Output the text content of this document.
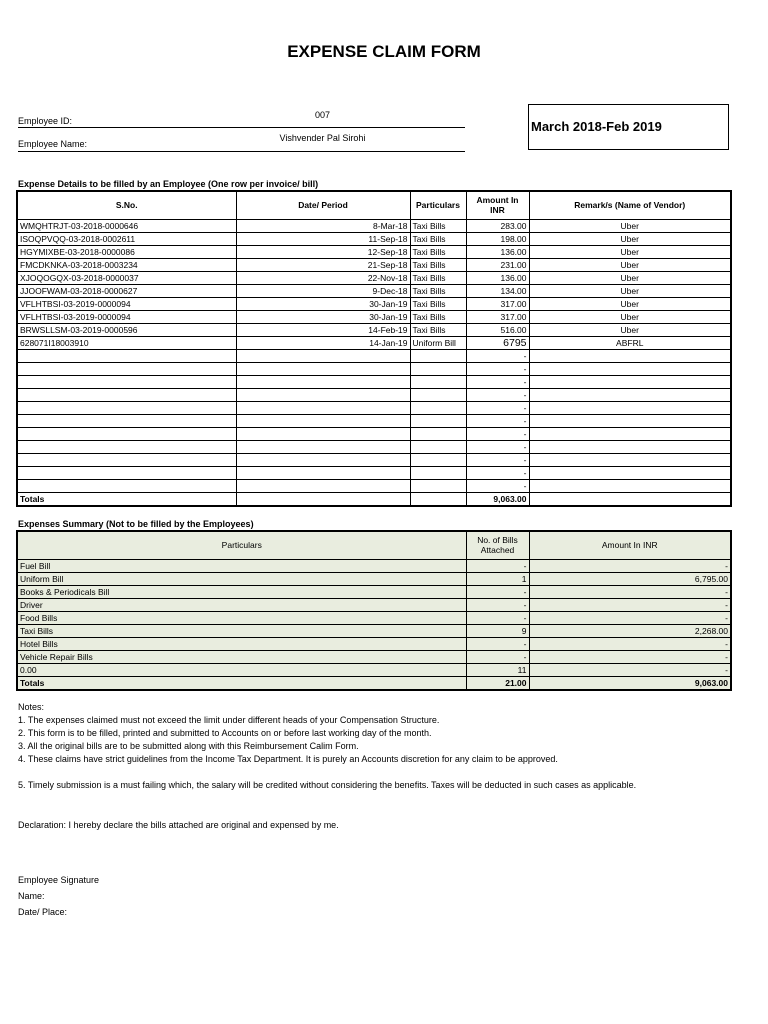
EXPENSE CLAIM FORM
Employee ID:
007
Employee Name:
Vishvender Pal Sirohi
March 2018-Feb 2019
Expense Details to be filled by an Employee (One row per invoice/ bill)
S.No.	Date/ Period	Particulars	Amount In INR	Remark/s (Name of Vendor)
WMQHTRJT-03-2018-0000646	8-Mar-18	Taxi Bills	283.00	Uber
ISOQPVQQ-03-2018-0002611	11-Sep-18	Taxi Bills	198.00	Uber
HGYMIXBE-03-2018-0000086	12-Sep-18	Taxi Bills	136.00	Uber
FMCDKNKA-03-2018-0003234	21-Sep-18	Taxi Bills	231.00	Uber
XJOQOGQX-03-2018-0000037	22-Nov-18	Taxi Bills	136.00	Uber
JJOOFWAM-03-2018-0000627	9-Dec-18	Taxi Bills	134.00	Uber
VFLHTBSI-03-2019-0000094	30-Jan-19	Taxi Bills	317.00	Uber
VFLHTBSI-03-2019-0000094	30-Jan-19	Taxi Bills	317.00	Uber
BRWSLLSM-03-2019-0000596	14-Feb-19	Taxi Bills	516.00	Uber
628071I18003910	14-Jan-19	Uniform Bill	6795	ABFRL
			-	
			-	
			-	
			-	
			-	
			-	
			-	
			-	
			-	
			-	
			-	
Totals			9,063.00	
Expenses Summary (Not to be filled by the Employees)
Particulars	No. of Bills Attached	Amount In INR
Fuel Bill	-	-
Uniform Bill	1	6,795.00
Books & Periodicals Bill	-	-
Driver	-	-
Food Bills	-	-
Taxi Bills	9	2,268.00
Hotel Bills	-	-
Vehicle Repair Bills	-	-
0.00	11	-
Totals	21.00	9,063.00
Notes:
1. The expenses claimed must not exceed the limit under different heads of your Compensation Structure.
2. This form is to be filled, printed and submitted to Accounts on or before last working day of the month.
3. All the original bills are to be submitted along with this Reimbursement Calim Form.
4. These claims have strict guidelines from the Income Tax Department. It is purely an Accounts discretion for any claim to be approved.
5. Timely submission is a must failing which, the salary will be credited without considering the benefits. Taxes will be deducted in such cases as applicable.
Declaration: I hereby declare the bills attached are original and expensed by me.
Employee Signature
Name:
Date/ Place:
